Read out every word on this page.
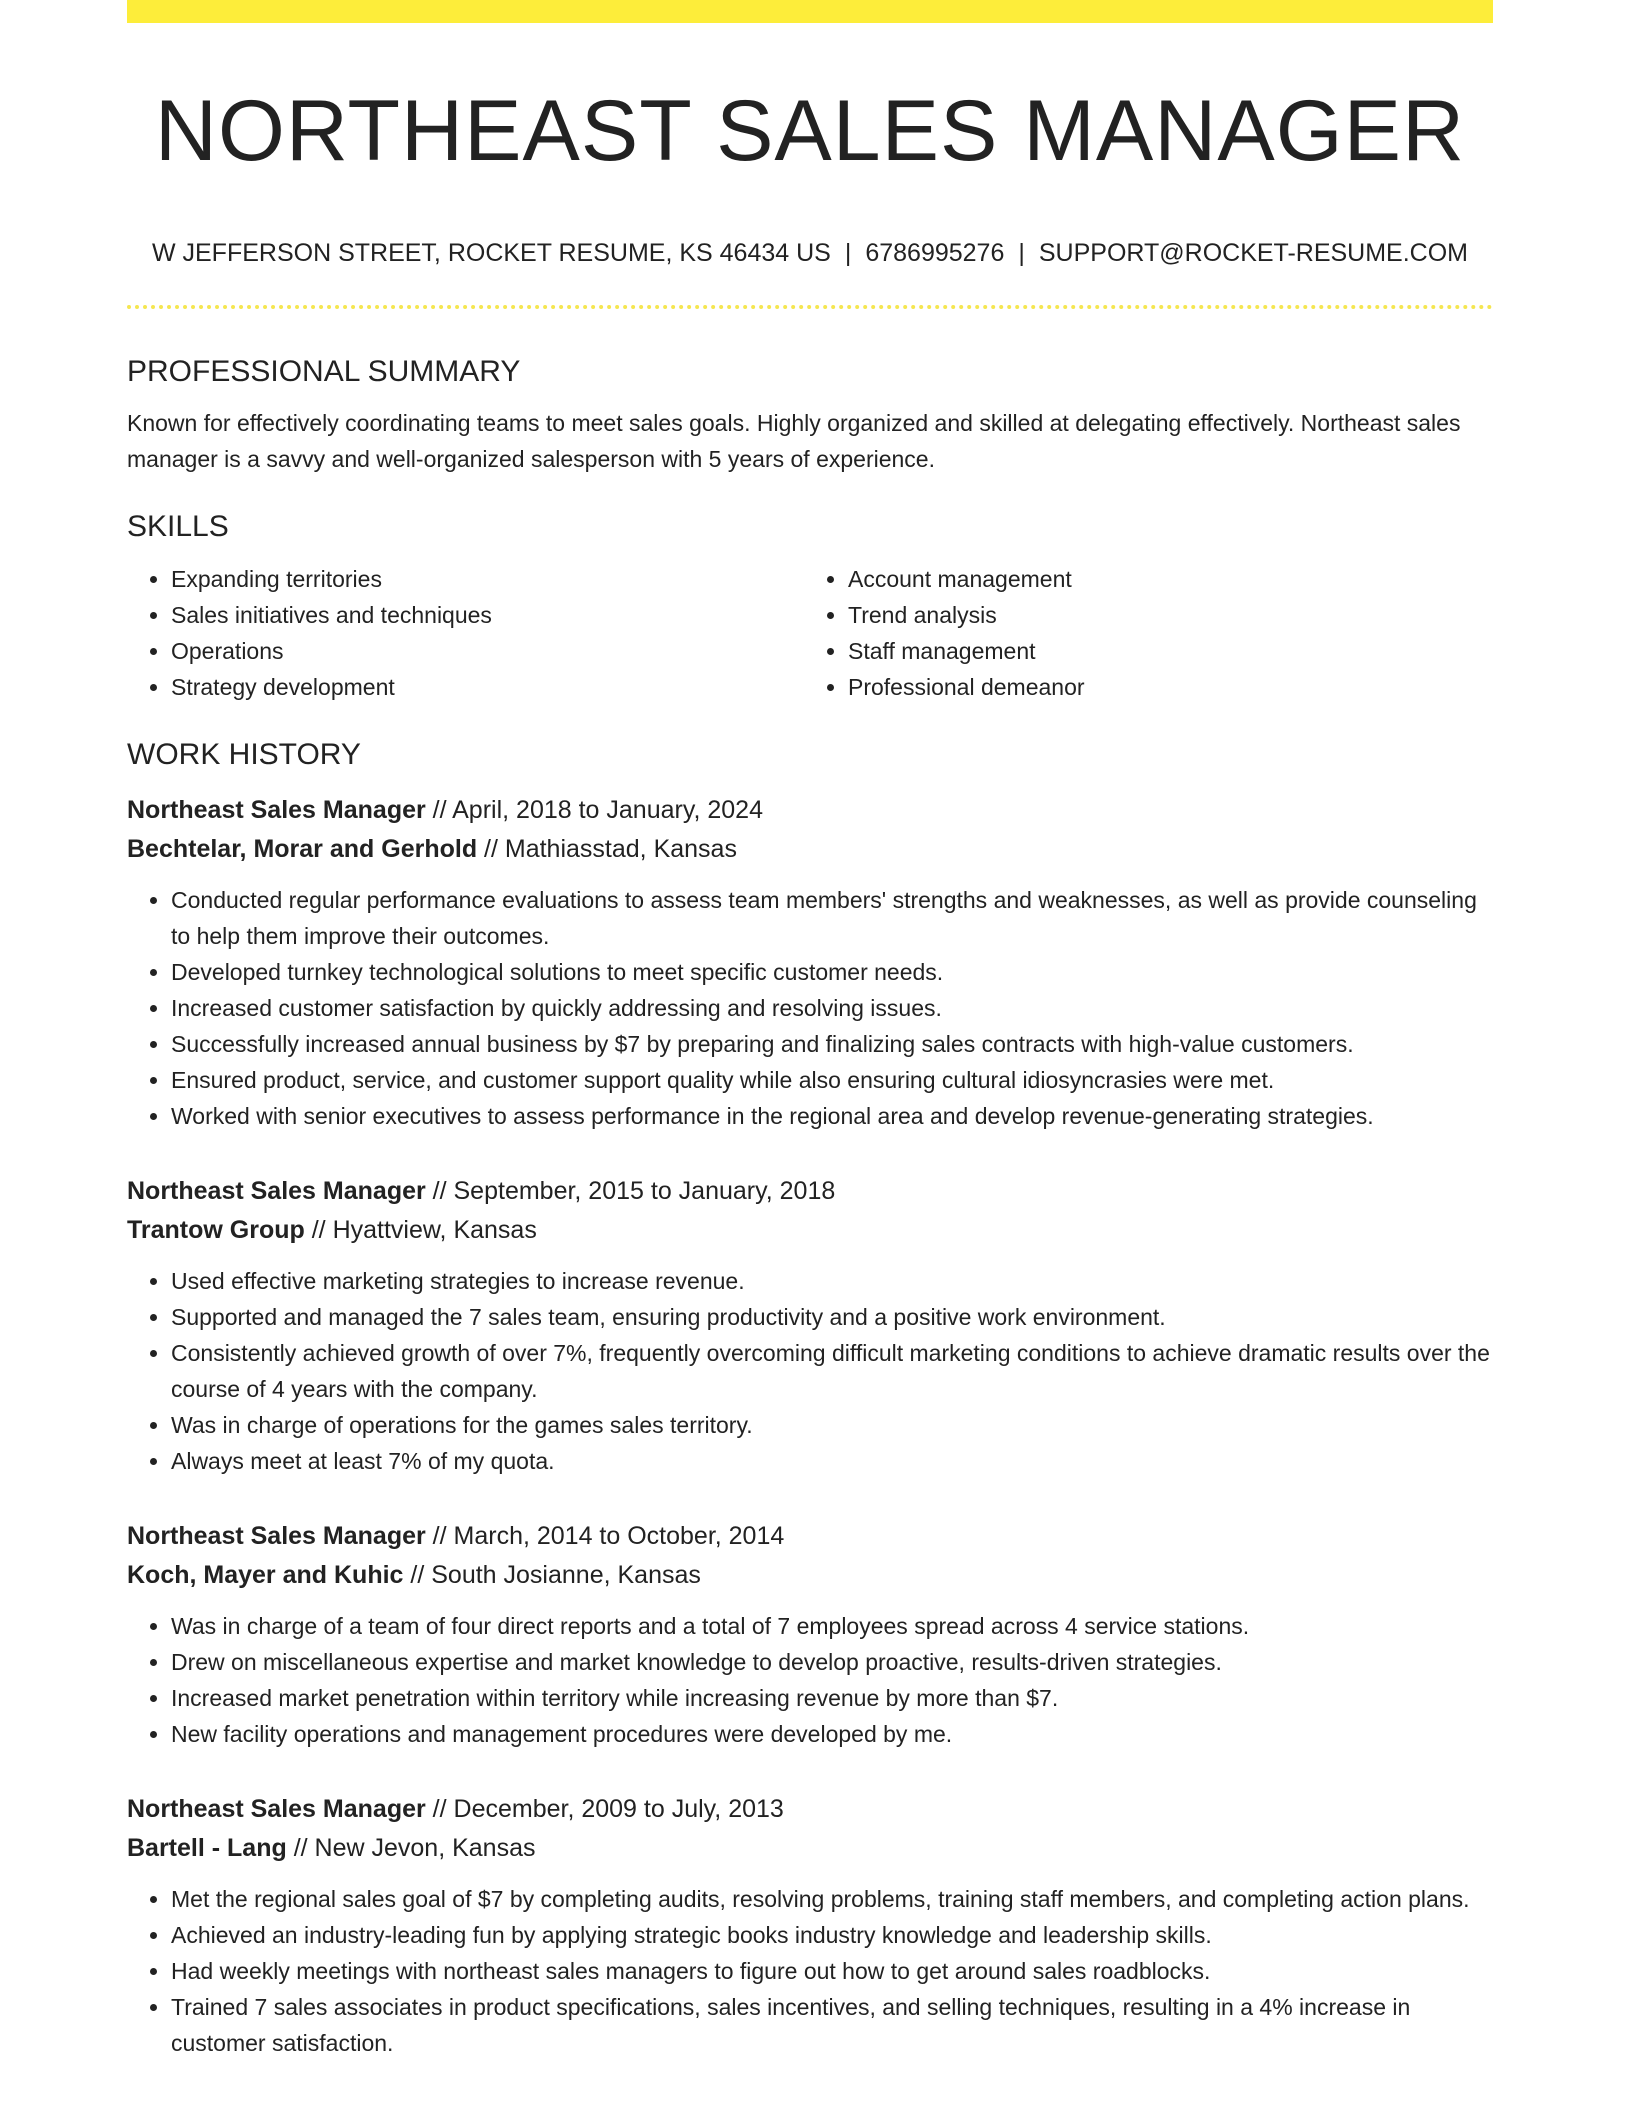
NORTHEAST SALES MANAGER
W JEFFERSON STREET, ROCKET RESUME, KS 46434 US | 6786995276 | SUPPORT@ROCKET-RESUME.COM
PROFESSIONAL SUMMARY

Known for effectively coordinating teams to meet sales goals. Highly organized and skilled at delegating effectively. Northeast sales manager is a savvy and well-organized salesperson with 5 years of experience.

SKILLS
• Expanding territories
• Sales initiatives and techniques
• Operations
• Strategy development
• Account management
• Trend analysis
• Staff management
• Professional demeanor
WORK HISTORY
Northeast Sales Manager // April, 2018 to January, 2024
Bechtelar, Morar and Gerhold // Mathiasstad, Kansas
• Conducted regular performance evaluations to assess team members' strengths and weaknesses, as well as provide counseling to help them improve their outcomes.
• Developed turnkey technological solutions to meet specific customer needs.
• Increased customer satisfaction by quickly addressing and resolving issues.
• Successfully increased annual business by $7 by preparing and finalizing sales contracts with high-value customers.
• Ensured product, service, and customer support quality while also ensuring cultural idiosyncrasies were met.
• Worked with senior executives to assess performance in the regional area and develop revenue-generating strategies.
Northeast Sales Manager // September, 2015 to January, 2018
Trantow Group // Hyattview, Kansas
• Used effective marketing strategies to increase revenue.
• Supported and managed the 7 sales team, ensuring productivity and a positive work environment.
• Consistently achieved growth of over 7%, frequently overcoming difficult marketing conditions to achieve dramatic results over the course of 4 years with the company.
• Was in charge of operations for the games sales territory.
• Always meet at least 7% of my quota.
Northeast Sales Manager // March, 2014 to October, 2014
Koch, Mayer and Kuhic // South Josianne, Kansas
• Was in charge of a team of four direct reports and a total of 7 employees spread across 4 service stations.
• Drew on miscellaneous expertise and market knowledge to develop proactive, results-driven strategies.
• Increased market penetration within territory while increasing revenue by more than $7.
• New facility operations and management procedures were developed by me.
Northeast Sales Manager // December, 2009 to July, 2013
Bartell - Lang // New Jevon, Kansas
• Met the regional sales goal of $7 by completing audits, resolving problems, training staff members, and completing action plans.
• Achieved an industry-leading fun by applying strategic books industry knowledge and leadership skills.
• Had weekly meetings with northeast sales managers to figure out how to get around sales roadblocks.
• Trained 7 sales associates in product specifications, sales incentives, and selling techniques, resulting in a 4% increase in customer satisfaction.
